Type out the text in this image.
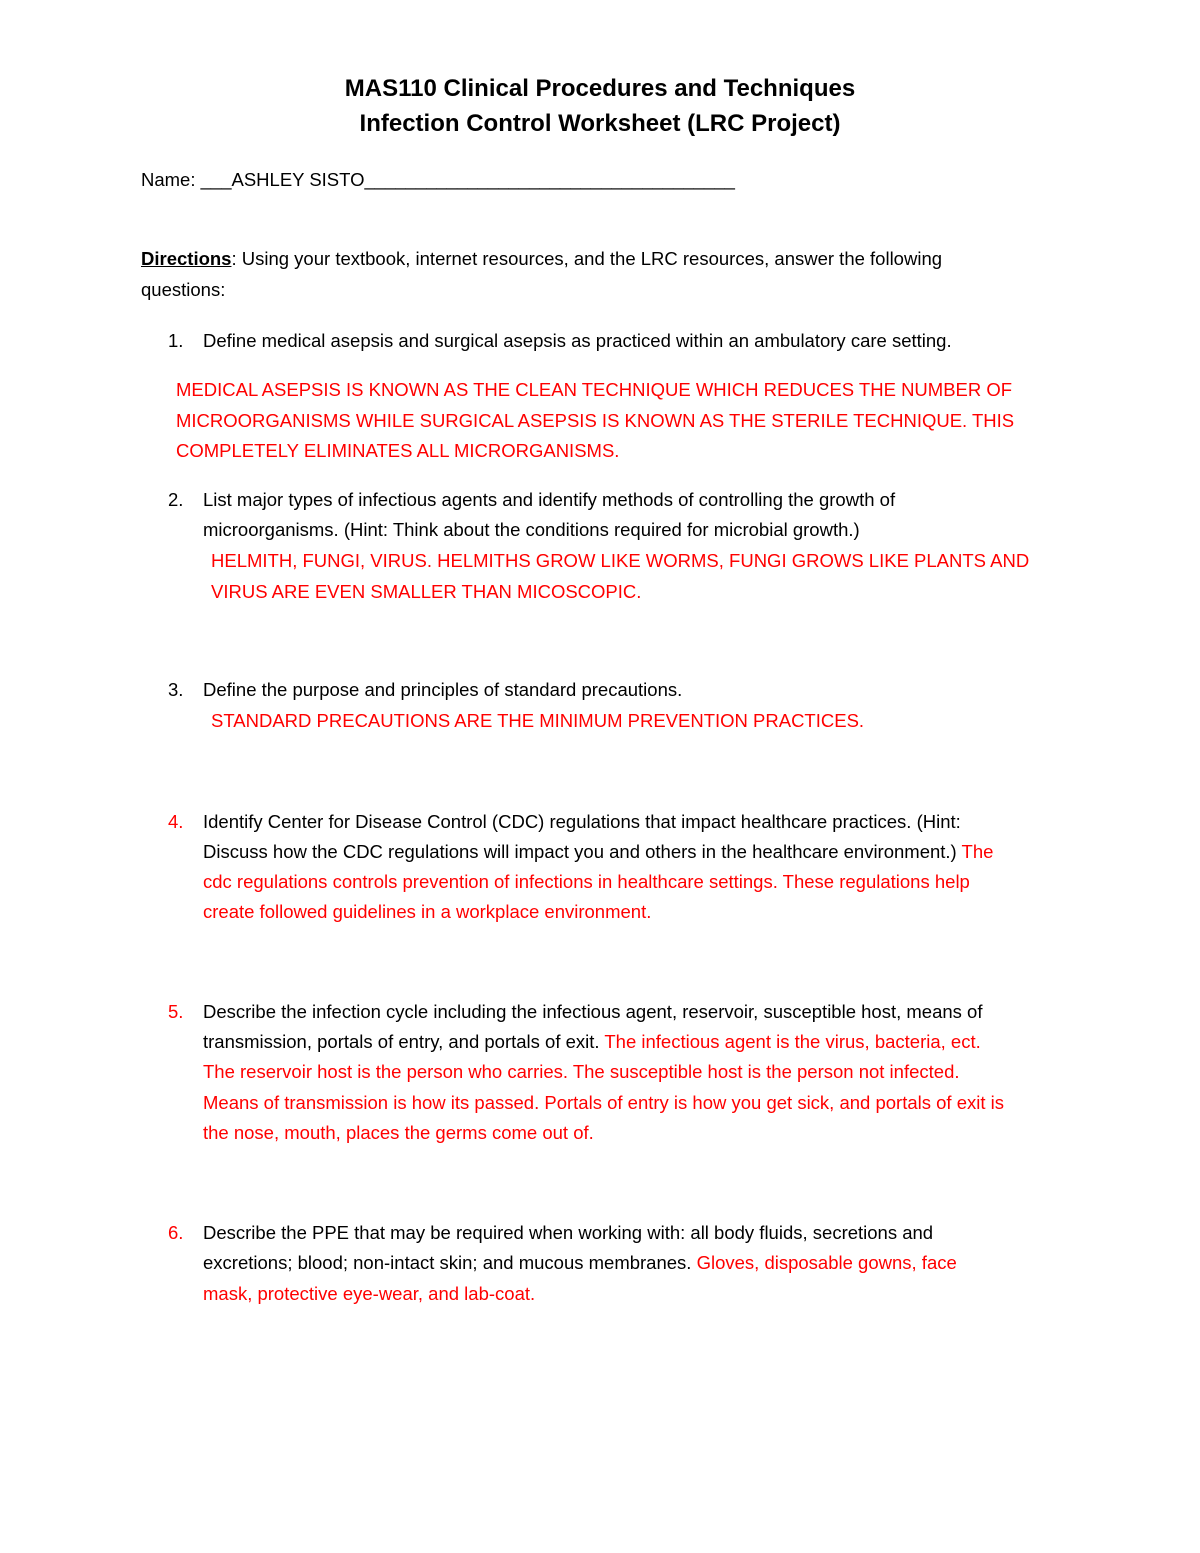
MAS110 Clinical Procedures and Techniques
Infection Control Worksheet (LRC Project)
Name: ___ASHLEY SISTO____________________________________
Directions: Using your textbook, internet resources, and the LRC resources, answer the following
questions:
1. Define medical asepsis and surgical asepsis as practiced within an ambulatory care setting.
MEDICAL ASEPSIS IS KNOWN AS THE CLEAN TECHNIQUE WHICH REDUCES THE NUMBER OF
MICROORGANISMS WHILE SURGICAL ASEPSIS IS KNOWN AS THE STERILE TECHNIQUE. THIS
COMPLETELY ELIMINATES ALL MICRORGANISMS.
2. List major types of infectious agents and identify methods of controlling the growth of
microorganisms. (Hint: Think about the conditions required for microbial growth.)
HELMITH, FUNGI, VIRUS. HELMITHS GROW LIKE WORMS, FUNGI GROWS LIKE PLANTS AND
VIRUS ARE EVEN SMALLER THAN MICOSCOPIC.
3. Define the purpose and principles of standard precautions.
STANDARD PRECAUTIONS ARE THE MINIMUM PREVENTION PRACTICES.
4. Identify Center for Disease Control (CDC) regulations that impact healthcare practices. (Hint:
Discuss how the CDC regulations will impact you and others in the healthcare environment.) The
cdc regulations controls prevention of infections in healthcare settings. These regulations help
create followed guidelines in a workplace environment.
5. Describe the infection cycle including the infectious agent, reservoir, susceptible host, means of
transmission, portals of entry, and portals of exit. The infectious agent is the virus, bacteria, ect.
The reservoir host is the person who carries. The susceptible host is the person not infected.
Means of transmission is how its passed. Portals of entry is how you get sick, and portals of exit is
the nose, mouth, places the germs come out of.
6. Describe the PPE that may be required when working with: all body fluids, secretions and
excretions; blood; non-intact skin; and mucous membranes. Gloves, disposable gowns, face
mask, protective eye-wear, and lab-coat.
